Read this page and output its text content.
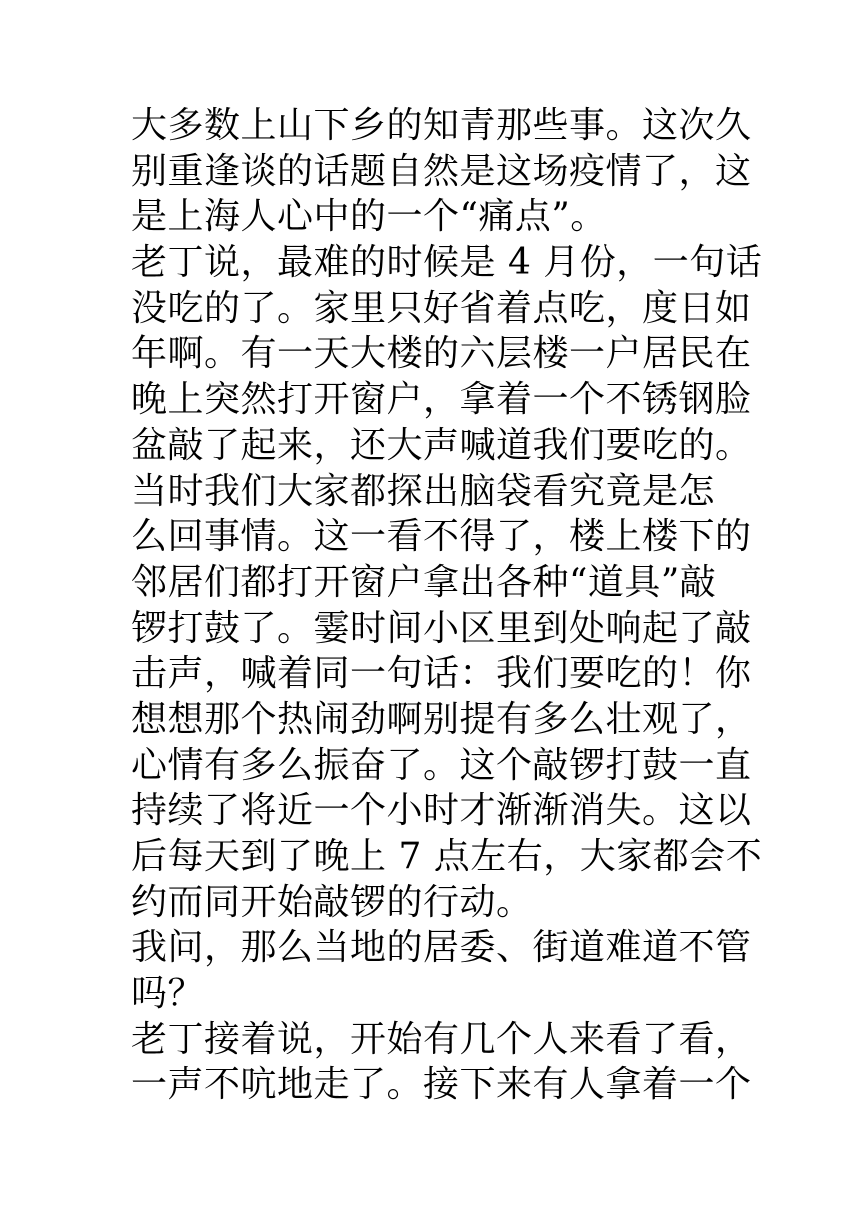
大多数上山下乡的知青那些事。这次久
别重逢谈的话题自然是这场疫情了，这
是上海人心中的一个“痛点”。
老丁说，最难的时候是 4 月份，一句话
没吃的了。家里只好省着点吃，度日如
年啊。有一天大楼的六层楼一户居民在
晚上突然打开窗户，拿着一个不锈钢脸
盆敲了起来，还大声喊道我们要吃的。
当时我们大家都探出脑袋看究竟是怎
么回事情。这一看不得了，楼上楼下的
邻居们都打开窗户拿出各种“道具”敲
锣打鼓了。霎时间小区里到处响起了敲
击声，喊着同一句话：我们要吃的！你
想想那个热闹劲啊别提有多么壮观了，
心情有多么振奋了。这个敲锣打鼓一直
持续了将近一个小时才渐渐消失。这以
后每天到了晚上 7 点左右，大家都会不
约而同开始敲锣的行动。
我问，那么当地的居委、街道难道不管
吗？
老丁接着说，开始有几个人来看了看，
一声不吭地走了。接下来有人拿着一个
